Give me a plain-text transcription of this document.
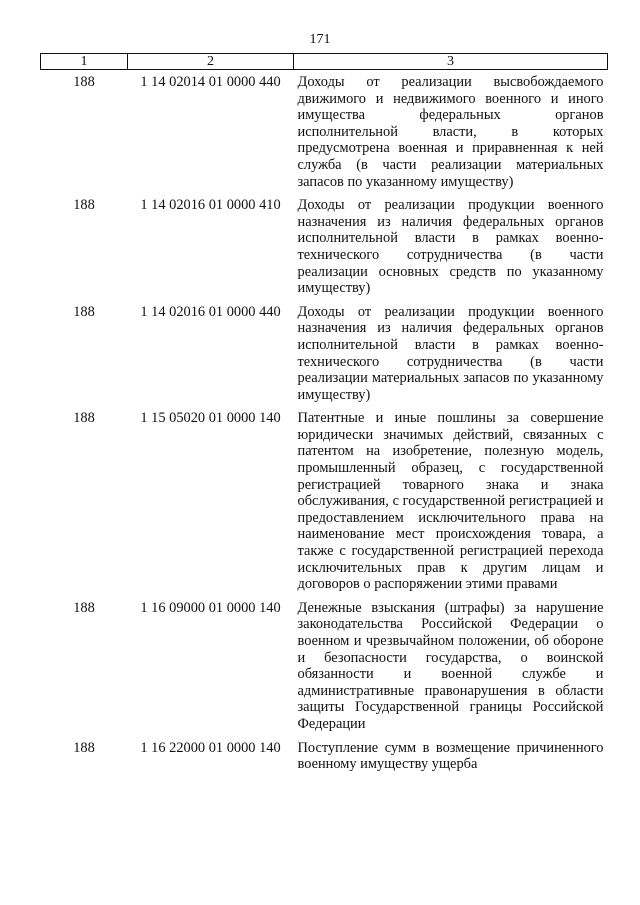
171
1	2	3
188	1 14 02014 01 0000 440	Доходы от реализации высвобождаемого движимого и недвижимого военного и иного имущества федеральных органов исполнительной власти, в которых предусмотрена военная и приравненная к ней служба (в части реализации материальных запасов по указанному имуществу)
188	1 14 02016 01 0000 410	Доходы от реализации продукции военного назначения из наличия федеральных органов исполнительной власти в рамках военно-технического сотрудничества (в части реализации основных средств по указанному имуществу)
188	1 14 02016 01 0000 440	Доходы от реализации продукции военного назначения из наличия федеральных органов исполнительной власти в рамках военно-технического сотрудничества (в части реализации материальных запасов по указанному имуществу)
188	1 15 05020 01 0000 140	Патентные и иные пошлины за совершение юридически значимых действий, связанных с патентом на изобретение, полезную модель, промышленный образец, с государственной регистрацией товарного знака и знака обслуживания, с государственной регистрацией и предоставлением исключительного права на наименование мест происхождения товара, а также с государственной регистрацией перехода исключительных прав к другим лицам и договоров о распоряжении этими правами
188	1 16 09000 01 0000 140	Денежные взыскания (штрафы) за нарушение законодательства Российской Федерации о военном и чрезвычайном положении, об обороне и безопасности государства, о воинской обязанности и военной службе и административные правонарушения в области защиты Государственной границы Российской Федерации
188	1 16 22000 01 0000 140	Поступление сумм в возмещение причиненного военному имуществу ущерба
